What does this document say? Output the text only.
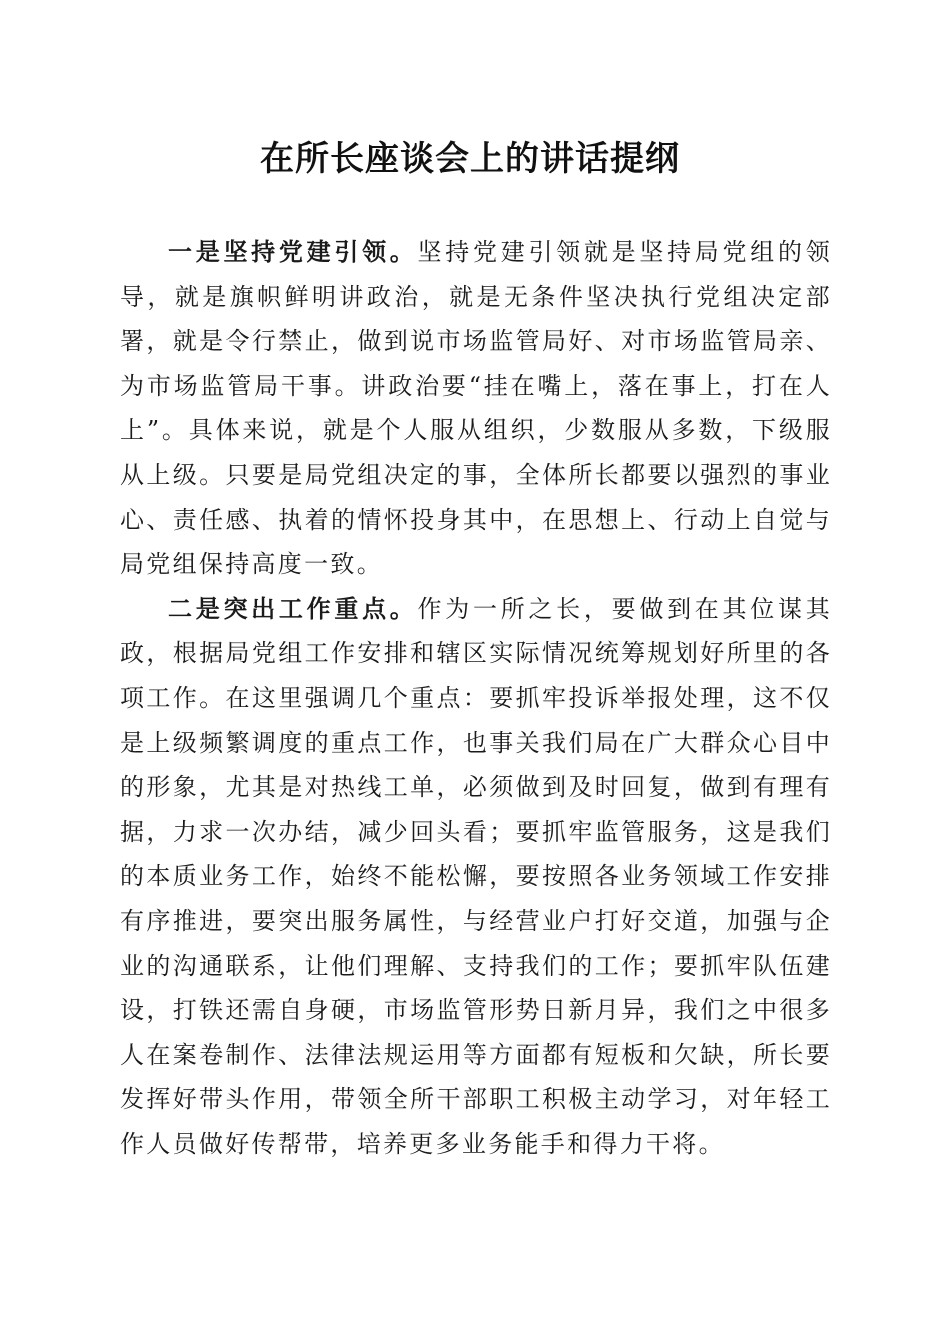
在所长座谈会上的讲话提纲

一是坚持党建引领。坚持党建引领就是坚持局党组的领导，就是旗帜鲜明讲政治，就是无条件坚决执行党组决定部署，就是令行禁止，做到说市场监管局好、对市场监管局亲、为市场监管局干事。讲政治要“挂在嘴上，落在事上，打在人上”。具体来说，就是个人服从组织，少数服从多数，下级服从上级。只要是局党组决定的事，全体所长都要以强烈的事业心、责任感、执着的情怀投身其中，在思想上、行动上自觉与局党组保持高度一致。

二是突出工作重点。作为一所之长，要做到在其位谋其政，根据局党组工作安排和辖区实际情况统筹规划好所里的各项工作。在这里强调几个重点：要抓牢投诉举报处理，这不仅是上级频繁调度的重点工作，也事关我们局在广大群众心目中的形象，尤其是对热线工单，必须做到及时回复，做到有理有据，力求一次办结，减少回头看；要抓牢监管服务，这是我们的本质业务工作，始终不能松懈，要按照各业务领域工作安排有序推进，要突出服务属性，与经营业户打好交道，加强与企业的沟通联系，让他们理解、支持我们的工作；要抓牢队伍建设，打铁还需自身硬，市场监管形势日新月异，我们之中很多人在案卷制作、法律法规运用等方面都有短板和欠缺，所长要发挥好带头作用，带领全所干部职工积极主动学习，对年轻工作人员做好传帮带，培养更多业务能手和得力干将。
